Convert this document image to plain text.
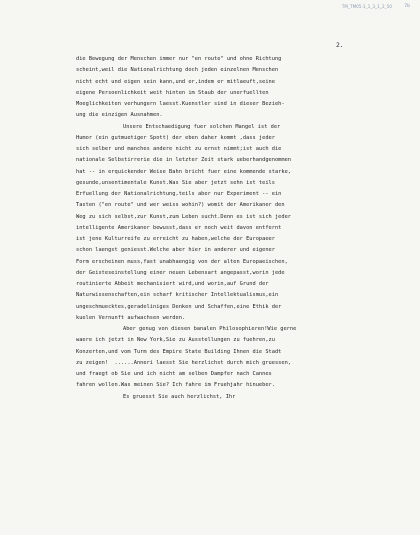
TM_TM05-1_1_3_1_2_50	7b
2.
die Bewegung der Menschen immer nur "en route" und ohne Richtung
scheint,weil die Nationalrichtung doch jeden einzelnen Menschen
nicht echt und eigen sein kann,und er,indem er mitlaeuft,seine
eigene Persoenlichkeit weit hinten im Staub der unerfuellten
Moeglichkeiten verhungern laesst.Kuenstler sind in dieser Bezieh-
ung die einzigen Ausnahmen.
Unsere Entschaedigung fuer solchen Mangel ist der
Humor (ein gutmuetiger Spott) der eben daher kommt ,dass jeder
sich selber und manches andere nicht zu ernst nimmt;ist auch die
nationale Selbstirrerie die in letzter Zeit stark ueberhandgenommen
hat -- in erquickender Weise Bahn bricht fuer eine kommende starke,
gesunde,unsentimentale Kunst.Was Sie aber jetzt sehn ist teils
Erfuellung der Nationalrichtung,teils aber nur Experiment -- ein
Tasten ("en route" und wer weiss wohin?) womit der Amerikaner den
Weg zu sich selbst,zur Kunst,zum Leben sucht.Denn es ist sich jeder
intelligente Amerikaner bewusst,dass er noch weit davon entfernt
ist jene Kulturreife zu erreicht zu haben,welche der Europaeer
schon laengst geniesst.Welche aber hier in anderer und eigener
Form erscheinen muss,fast unabhaengig von der alten Europaeischen,
der Geisteseinstellung einer neuen Lebensart angepasst,worin jede
routinierte Abbeit mechanisiert wird,und worin,auf Grund der
Naturwissenschaften,ein scharf kritischer Intellektualismus,ein
ungeschmuecktes,geradeliniges Denken und Schaffen,eine Ethik der
kuelen Vernunft aufwachsen werden.
Aber genug von diesen banalen Philosophieren!Wie gerne
waere ich jetzt in New York,Sie zu Ausstellungen zu fuehren,zu
Konzerten,und vom Turm des Empire State Building Ihnen die Stadt
zu zeigen!  ......Anneri laesst Sie herzlichst durch mich gruessen,
und fraegt ob Sie und ich nicht am selben Dampfer nach Cannes
fahren wollen.Was meinen Sie? Ich fahre im Fruehjahr hinueber.
Es gruesst Sie auch herzlichst, Ihr
